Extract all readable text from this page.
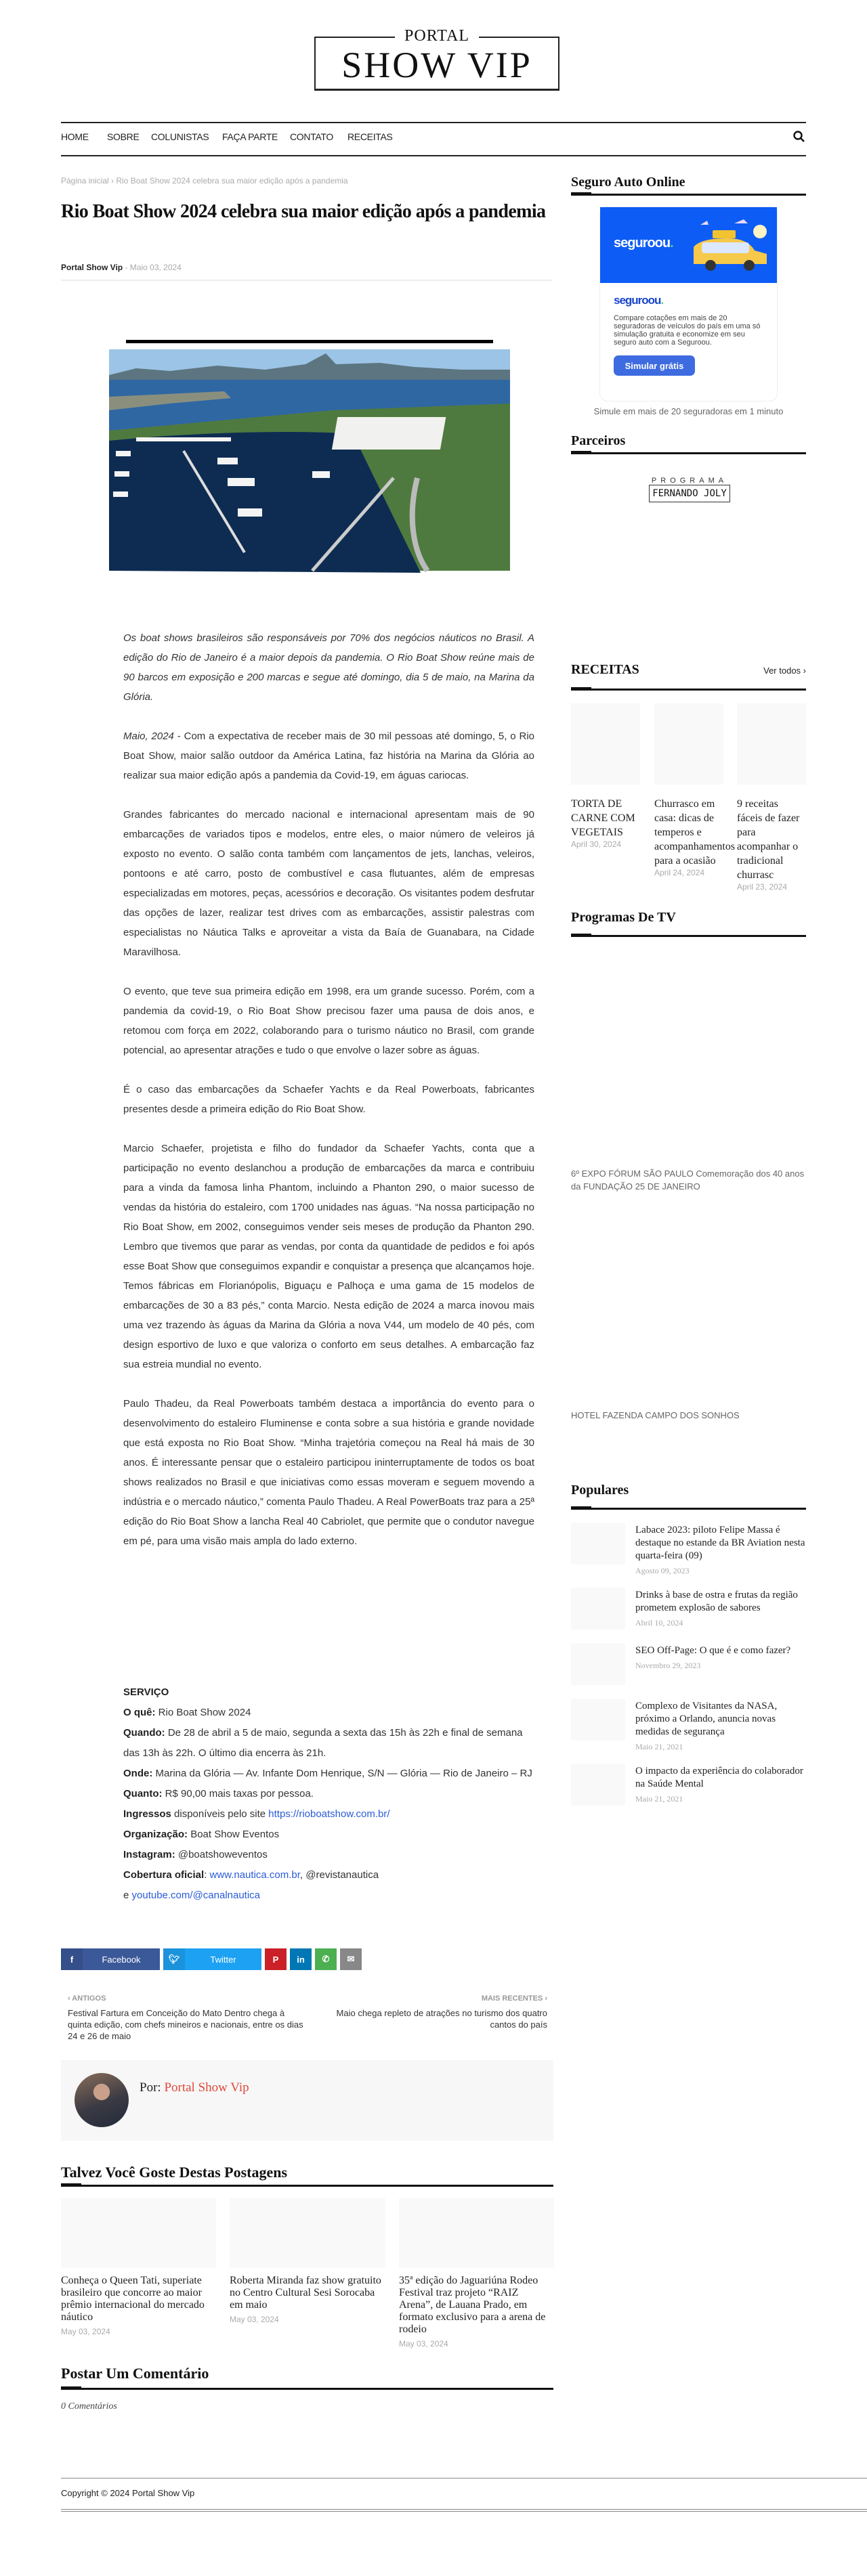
PORTAL
SHOW VIP
HOME SOBRE COLUNISTAS FAÇA PARTE CONTATO RECEITAS
Página inicial › Rio Boat Show 2024 celebra sua maior edição após a pandemia
Rio Boat Show 2024 celebra sua maior edição após a pandemia
Portal Show Vip - Maio 03, 2024

Os boat shows brasileiros são responsáveis por 70% dos negócios náuticos no Brasil. A edição do Rio de Janeiro é a maior depois da pandemia. O Rio Boat Show reúne mais de 90 barcos em exposição e 200 marcas e segue até domingo, dia 5 de maio, na Marina da Glória.

Maio, 2024 - Com a expectativa de receber mais de 30 mil pessoas até domingo, 5, o Rio Boat Show, maior salão outdoor da América Latina, faz história na Marina da Glória ao realizar sua maior edição após a pandemia da Covid-19, em águas cariocas.

Grandes fabricantes do mercado nacional e internacional apresentam mais de 90 embarcações de variados tipos e modelos, entre eles, o maior número de veleiros já exposto no evento. O salão conta também com lançamentos de jets, lanchas, veleiros, pontoons e até carro, posto de combustível e casa flutuantes, além de empresas especializadas em motores, peças, acessórios e decoração. Os visitantes podem desfrutar das opções de lazer, realizar test drives com as embarcações, assistir palestras com especialistas no Náutica Talks e aproveitar a vista da Baía de Guanabara, na Cidade Maravilhosa.

O evento, que teve sua primeira edição em 1998, era um grande sucesso. Porém, com a pandemia da covid-19, o Rio Boat Show precisou fazer uma pausa de dois anos, e retomou com força em 2022, colaborando para o turismo náutico no Brasil, com grande potencial, ao apresentar atrações e tudo o que envolve o lazer sobre as águas.

É o caso das embarcações da Schaefer Yachts e da Real Powerboats, fabricantes presentes desde a primeira edição do Rio Boat Show.

Marcio Schaefer, projetista e filho do fundador da Schaefer Yachts, conta que a participação no evento deslanchou a produção de embarcações da marca e contribuiu para a vinda da famosa linha Phantom, incluindo a Phanton 290, o maior sucesso de vendas da história do estaleiro, com 1700 unidades nas águas. “Na nossa participação no Rio Boat Show, em 2002, conseguimos vender seis meses de produção da Phanton 290. Lembro que tivemos que parar as vendas, por conta da quantidade de pedidos e foi após esse Boat Show que conseguimos expandir e conquistar a presença que alcançamos hoje. Temos fábricas em Florianópolis, Biguaçu e Palhoça e uma gama de 15 modelos de embarcações de 30 a 83 pés,” conta Marcio. Nesta edição de 2024 a marca inovou mais uma vez trazendo às águas da Marina da Glória a nova V44, um modelo de 40 pés, com design esportivo de luxo e que valoriza o conforto em seus detalhes. A embarcação faz sua estreia mundial no evento.

Paulo Thadeu, da Real Powerboats também destaca a importância do evento para o desenvolvimento do estaleiro Fluminense e conta sobre a sua história e grande novidade que está exposta no Rio Boat Show. “Minha trajetória começou na Real há mais de 30 anos. É interessante pensar que o estaleiro participou ininterruptamente de todos os boat shows realizados no Brasil e que iniciativas como essas moveram e seguem movendo a indústria e o mercado náutico,” comenta Paulo Thadeu. A Real PowerBoats traz para a 25ª edição do Rio Boat Show a lancha Real 40 Cabriolet, que permite que o condutor navegue em pé, para uma visão mais ampla do lado externo.

SERVIÇO
O quê: Rio Boat Show 2024
Quando: De 28 de abril a 5 de maio, segunda a sexta das 15h às 22h e final de semana das 13h às 22h. O último dia encerra às 21h.
Onde: Marina da Glória — Av. Infante Dom Henrique, S/N — Glória — Rio de Janeiro – RJ
Quanto: R$ 90,00 mais taxas por pessoa.
Ingressos disponíveis pelo site https://rioboatshow.com.br/
Organização: Boat Show Eventos
Instagram: @boatshoweventos
Cobertura oficial: www.nautica.com.br, @revistanautica
e youtube.com/@canalnautica
f	Facebook	🐦︎	Twitter	P	in	✆	✉
‹ ANTIGOS
Festival Fartura em Conceição do Mato Dentro chega à quinta edição, com chefs mineiros e nacionais, entre os dias 24 e 26 de maio
MAIS RECENTES ›
Maio chega repleto de atrações no turismo dos quatro cantos do país
Por: Portal Show Vip
Talvez Você Goste Destas Postagens
Conheça o Queen Tati, superiate brasileiro que concorre ao maior prêmio internacional do mercado náutico
May 03, 2024
Roberta Miranda faz show gratuito no Centro Cultural Sesi Sorocaba em maio
May 03, 2024
35ª edição do Jaguariúna Rodeo Festival traz projeto “RAIZ Arena”, de Lauana Prado, em formato exclusivo para a arena de rodeio
May 03, 2024
Postar Um Comentário
0 Comentários
Copyright © 2024 Portal Show Vip
Seguro Auto Online
seguroou.
seguroou.
Compare cotações em mais de 20 seguradoras de veículos do país em uma só simulação gratuita e economize em seu seguro auto com a Seguroou.
Simular grátis
Simule em mais de 20 seguradoras em 1 minuto
Parceiros
PROGRAMA
FERNANDO JOLY
RECEITAS	Ver todos ›
TORTA DE CARNE COM VEGETAIS
April 30, 2024
Churrasco em casa: dicas de temperos e acompanhamentos para a ocasião
April 24, 2024
9 receitas fáceis de fazer para acompanhar o tradicional churrasc
April 23, 2024
Programas De TV
6º EXPO FÓRUM SÃO PAULO Comemoração dos 40 anos da FUNDAÇÃO 25 DE JANEIRO
HOTEL FAZENDA CAMPO DOS SONHOS
Populares
Labace 2023: piloto Felipe Massa é destaque no estande da BR Aviation nesta quarta-feira (09)
Agosto 09, 2023
Drinks à base de ostra e frutas da região prometem explosão de sabores
Abril 10, 2024
SEO Off-Page: O que é e como fazer?
Novembro 29, 2023
Complexo de Visitantes da NASA, próximo a Orlando, anuncia novas medidas de segurança
Maio 21, 2021
O impacto da experiência do colaborador na Saúde Mental
Maio 21, 2021
